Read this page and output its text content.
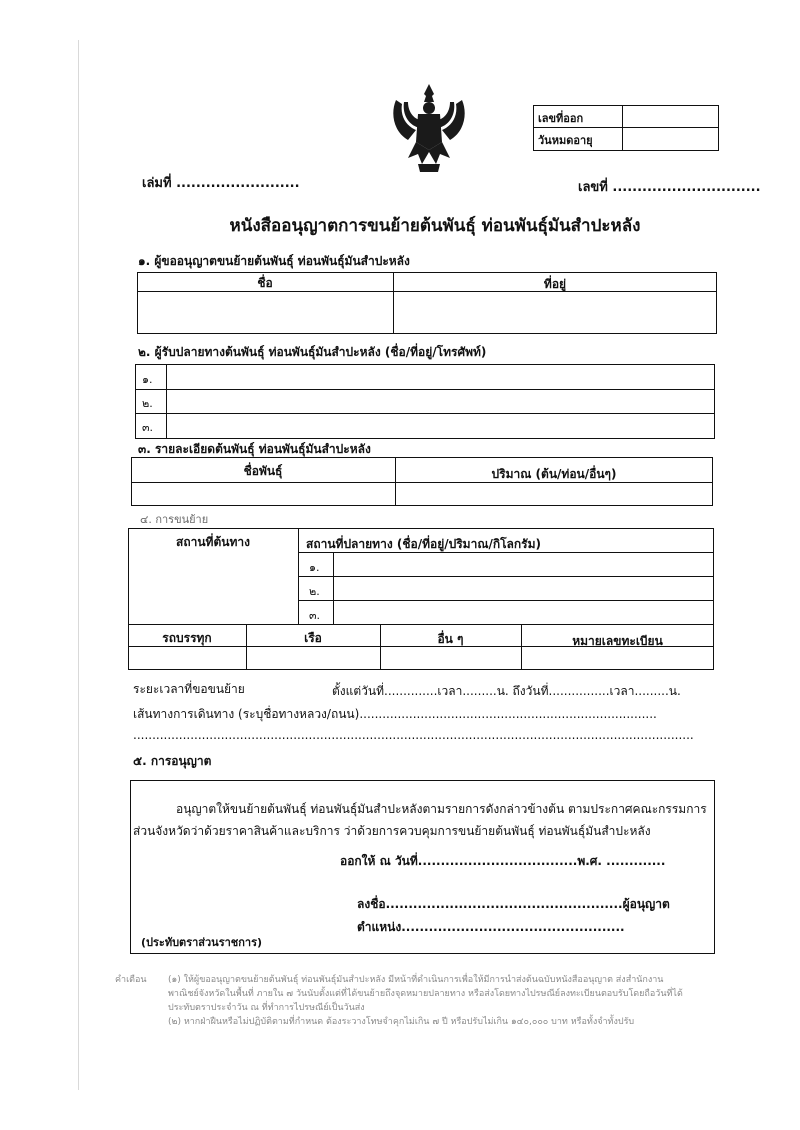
เลขที่ออก
วันหมดอายุ
เล่มที่ .........................	เลขที่ ..............................
หนังสืออนุญาตการขนย้ายต้นพันธุ์ ท่อนพันธุ์มันสำปะหลัง
๑. ผู้ขออนุญาตขนย้ายต้นพันธุ์ ท่อนพันธุ์มันสำปะหลัง
ชื่อ	ที่อยู่
๒. ผู้รับปลายทางต้นพันธุ์ ท่อนพันธุ์มันสำปะหลัง (ชื่อ/ที่อยู่/โทรศัพท์)
๑.
๒.
๓.
๓. รายละเอียดต้นพันธุ์ ท่อนพันธุ์มันสำปะหลัง
ชื่อพันธุ์	ปริมาณ (ต้น/ท่อน/อื่นๆ)
๔. การขนย้าย
สถานที่ต้นทาง	สถานที่ปลายทาง (ชื่อ/ที่อยู่/ปริมาณ/กิโลกรัม)
๑.
๒.
๓.
รถบรรทุก	เรือ	อื่น ๆ	หมายเลขทะเบียน
ระยะเวลาที่ขอขนย้าย	ตั้งแต่วันที่..............เวลา.........น. ถึงวันที่................เวลา.........น.
เส้นทางการเดินทาง (ระบุชื่อทางหลวง/ถนน)..............................................................................
...................................................................................................................................................
๕. การอนุญาต
อนุญาตให้ขนย้ายต้นพันธุ์ ท่อนพันธุ์มันสำปะหลังตามรายการดังกล่าวข้างต้น ตามประกาศคณะกรรมการ
ส่วนจังหวัดว่าด้วยราคาสินค้าและบริการ ว่าด้วยการควบคุมการขนย้ายต้นพันธุ์ ท่อนพันธุ์มันสำปะหลัง
ออกให้ ณ วันที่...................................พ.ศ. .............
ลงชื่อ....................................................ผู้อนุญาต
ตำแหน่ง.................................................
(ประทับตราส่วนราชการ)
คำเตือน (๑) ให้ผู้ขออนุญาตขนย้ายต้นพันธุ์ ท่อนพันธุ์มันสำปะหลัง มีหน้าที่ดำเนินการเพื่อให้มีการนำส่งต้นฉบับหนังสืออนุญาต ส่งสำนักงาน
พาณิชย์จังหวัดในพื้นที่ ภายใน ๗ วันนับตั้งแต่ที่ได้ขนย้ายถึงจุดหมายปลายทาง หรือส่งโดยทางไปรษณีย์ลงทะเบียนตอบรับโดยถือวันที่ได้
ประทับตราประจำวัน ณ ที่ทำการไปรษณีย์เป็นวันส่ง
(๒) หากฝ่าฝืนหรือไม่ปฏิบัติตามที่กำหนด ต้องระวางโทษจำคุกไม่เกิน ๗ ปี หรือปรับไม่เกิน ๑๔๐,๐๐๐ บาท หรือทั้งจำทั้งปรับ
